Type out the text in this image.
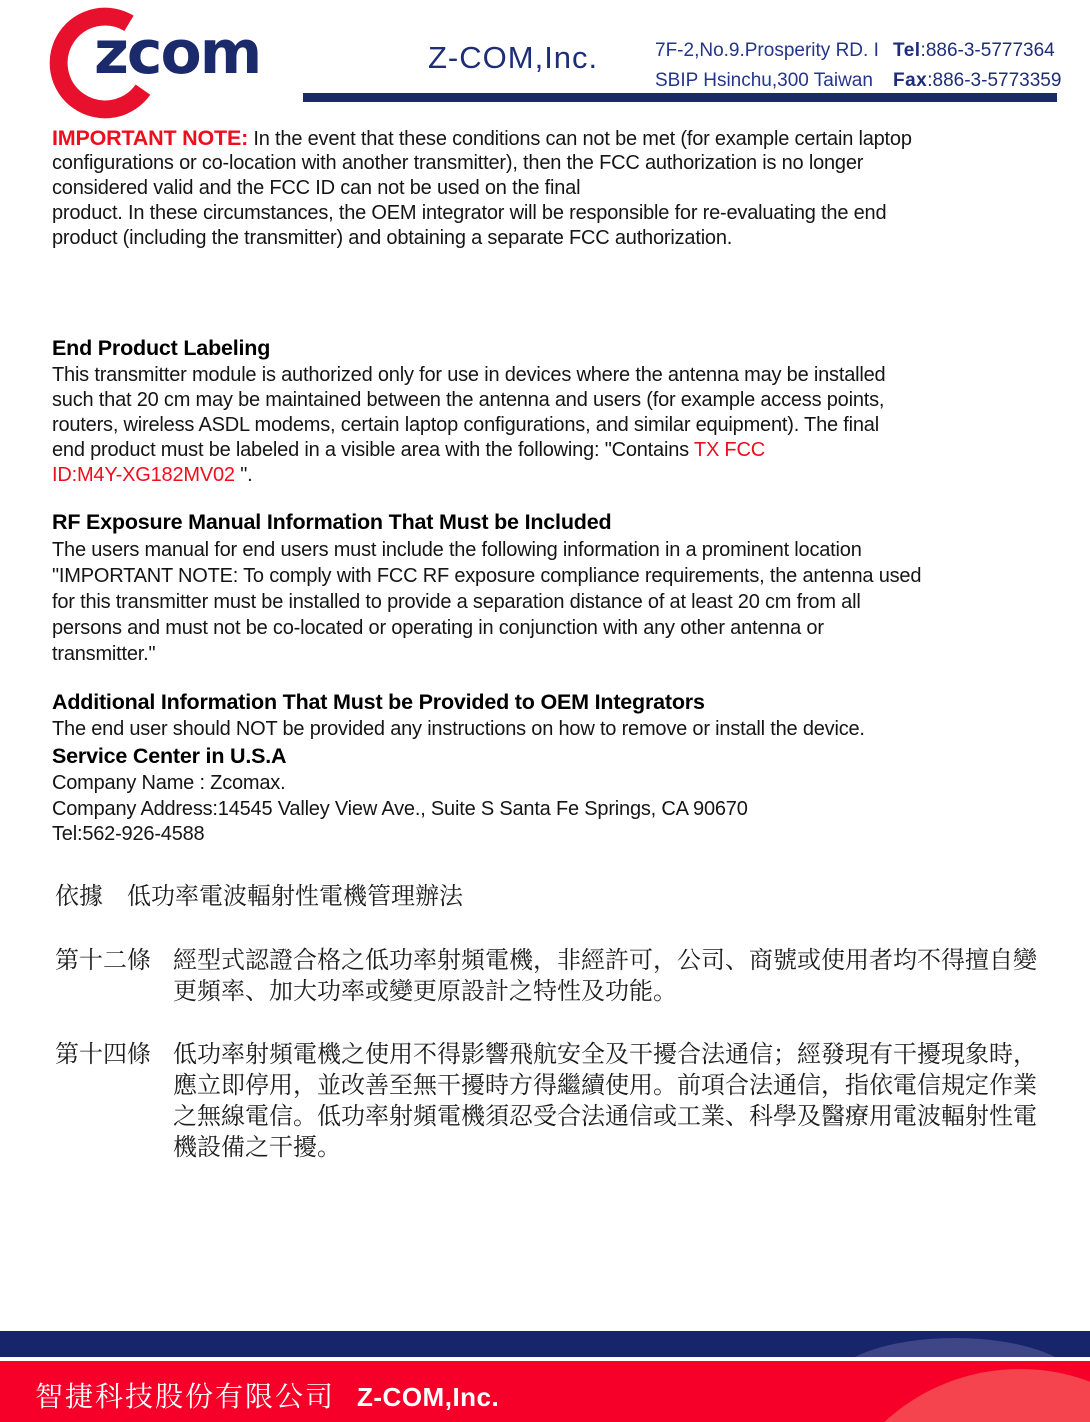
zcom	Z-COM,Inc.	7F-2,No.9.Prosperity RD. I
SBIP Hsinchu,300 Taiwan
Tel:886-3-5777364
Fax:886-3-5773359
IMPORTANT NOTE: In the event that these conditions can not be met (for example certain laptop
configurations or co-location with another transmitter), then the FCC authorization is no longer
considered valid and the FCC ID can not be used on the final
product. In these circumstances, the OEM integrator will be responsible for re-evaluating the end
product (including the transmitter) and obtaining a separate FCC authorization.
End Product Labeling
This transmitter module is authorized only for use in devices where the antenna may be installed
such that 20 cm may be maintained between the antenna and users (for example access points,
routers, wireless ASDL modems, certain laptop configurations, and similar equipment). The final
end product must be labeled in a visible area with the following: "Contains TX FCC
ID:M4Y-XG182MV02 ".
RF Exposure Manual Information That Must be Included
The users manual for end users must include the following information in a prominent location
"IMPORTANT NOTE: To comply with FCC RF exposure compliance requirements, the antenna used
for this transmitter must be installed to provide a separation distance of at least 20 cm from all
persons and must not be co-located or operating in conjunction with any other antenna or
transmitter."
Additional Information That Must be Provided to OEM Integrators
The end user should NOT be provided any instructions on how to remove or install the device.
Service Center in U.S.A
Company Name : Zcomax.
Company Address:14545 Valley View Ave., Suite S Santa Fe Springs, CA 90670
Tel:562-926-4588
依據　低功率電波輻射性電機管理辦法
第十二條 經型式認證合格之低功率射頻電機，非經許可，公司、商號或使用者均不得擅自變
更頻率、加大功率或變更原設計之特性及功能。
第十四條 低功率射頻電機之使用不得影響飛航安全及干擾合法通信；經發現有干擾現象時，
應立即停用，並改善至無干擾時方得繼續使用。前項合法通信，指依電信規定作業
之無線電信。低功率射頻電機須忍受合法通信或工業、科學及醫療用電波輻射性電
機設備之干擾。
智捷科技股份有限公司 Z-COM,Inc.
